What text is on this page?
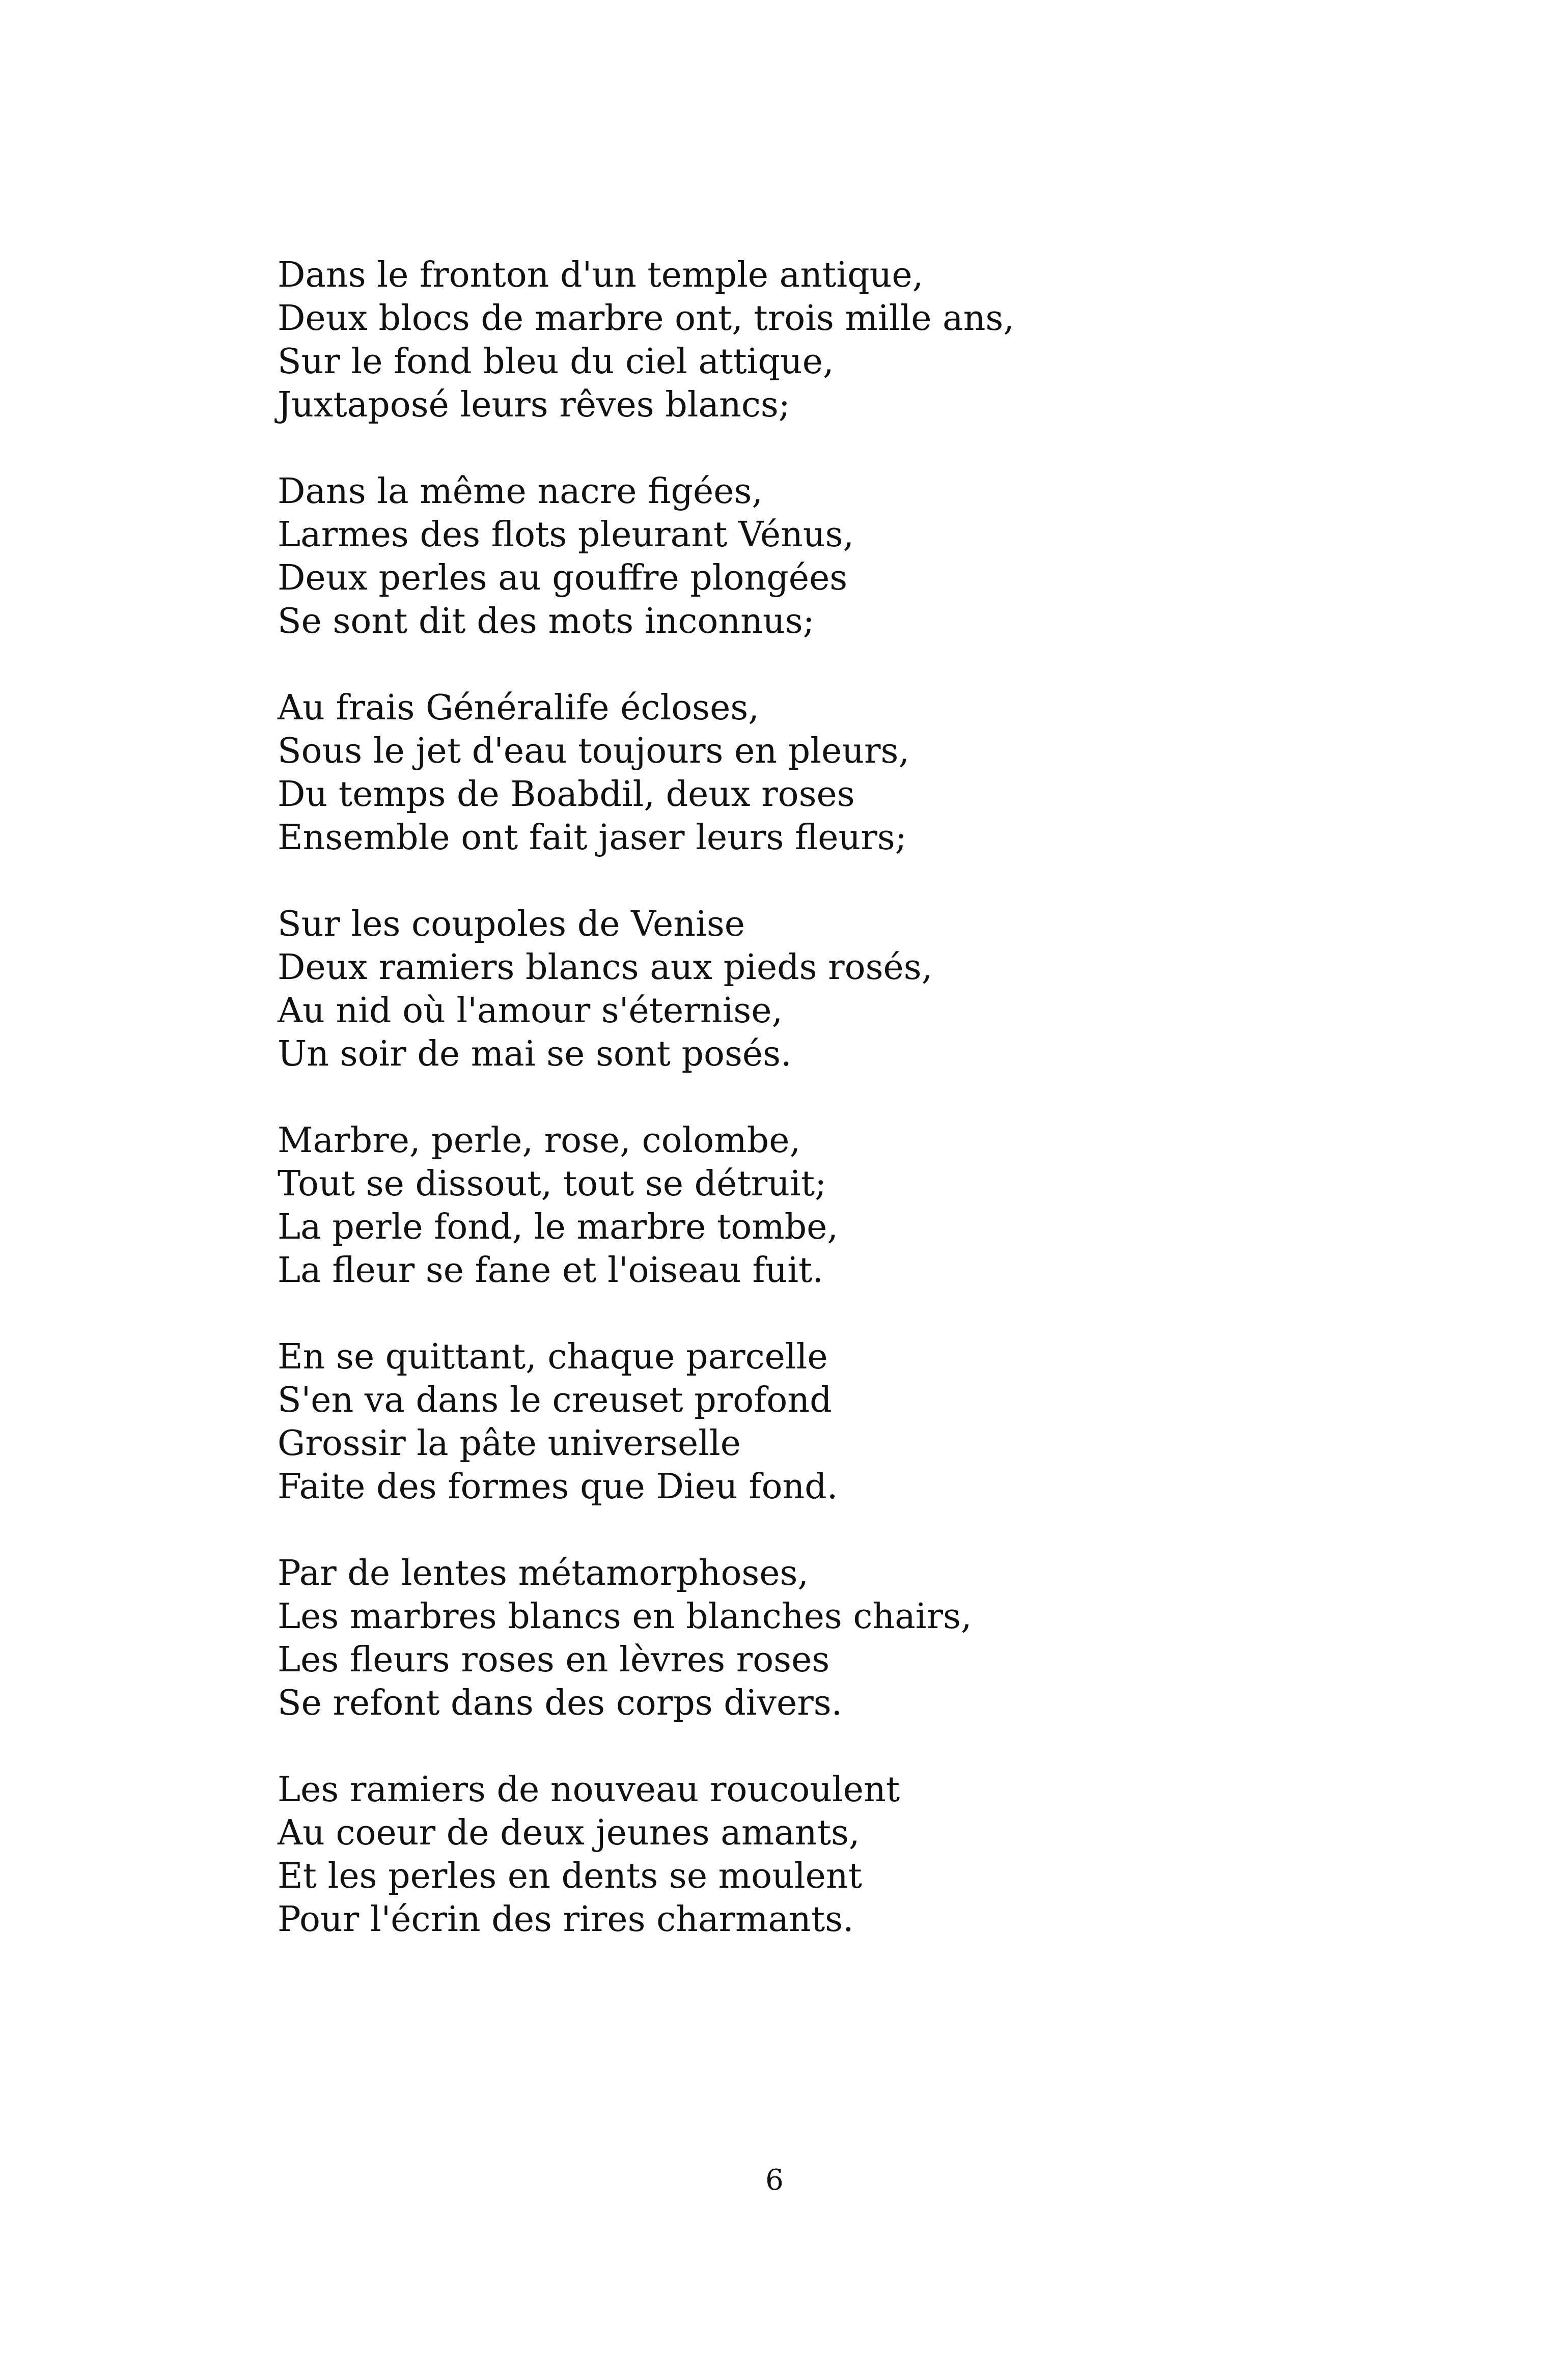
Dans le fronton d'un temple antique,
Deux blocs de marbre ont, trois mille ans,
Sur le fond bleu du ciel attique,
Juxtaposé leurs rêves blancs;
Dans la même nacre figées,
Larmes des flots pleurant Vénus,
Deux perles au gouffre plongées
Se sont dit des mots inconnus;
Au frais Généralife écloses,
Sous le jet d'eau toujours en pleurs,
Du temps de Boabdil, deux roses
Ensemble ont fait jaser leurs fleurs;
Sur les coupoles de Venise
Deux ramiers blancs aux pieds rosés,
Au nid où l'amour s'éternise,
Un soir de mai se sont posés.
Marbre, perle, rose, colombe,
Tout se dissout, tout se détruit;
La perle fond, le marbre tombe,
La fleur se fane et l'oiseau fuit.
En se quittant, chaque parcelle
S'en va dans le creuset profond
Grossir la pâte universelle
Faite des formes que Dieu fond.
Par de lentes métamorphoses,
Les marbres blancs en blanches chairs,
Les fleurs roses en lèvres roses
Se refont dans des corps divers.
Les ramiers de nouveau roucoulent
Au coeur de deux jeunes amants,
Et les perles en dents se moulent
Pour l'écrin des rires charmants.
6
